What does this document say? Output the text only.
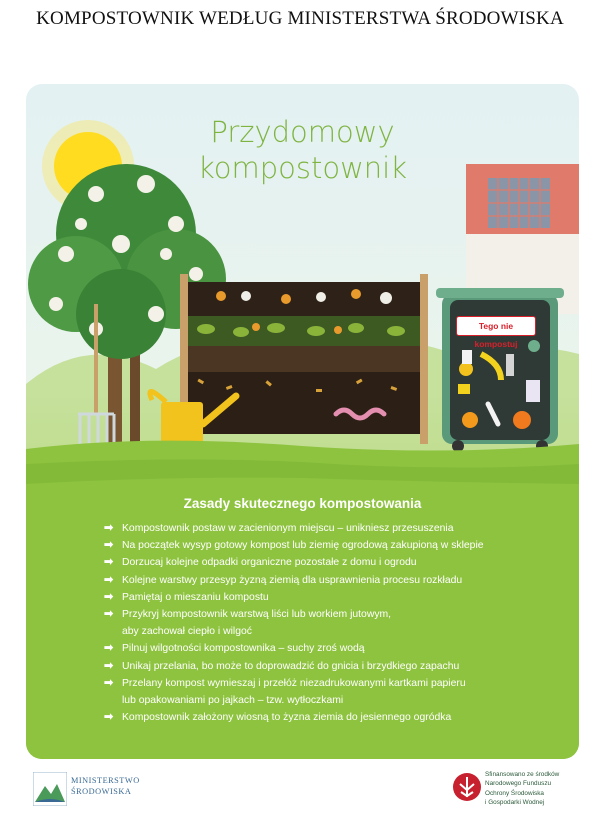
KOMPOSTOWNIK WEDŁUG MINISTERSTWA ŚRODOWISKA
Przydomowy
kompostownik
Tego nie kompostuj
Zasady skutecznego kompostowania
➡ Kompostownik postaw w zacienionym miejscu – unikniesz przesuszenia
➡ Na początek wysyp gotowy kompost lub ziemię ogrodową zakupioną w sklepie
➡ Dorzucaj kolejne odpadki organiczne pozostałe z domu i ogrodu
➡ Kolejne warstwy przesyp żyzną ziemią dla usprawnienia procesu rozkładu
➡ Pamiętaj o mieszaniu kompostu
➡ Przykryj kompostownik warstwą liści lub workiem jutowym,
aby zachował ciepło i wilgoć
➡ Pilnuj wilgotności kompostownika – suchy zroś wodą
➡ Unikaj przelania, bo może to doprowadzić do gnicia i brzydkiego zapachu
➡ Przelany kompost wymieszaj i przełóż niezadrukowanymi kartkami papieru
lub opakowaniami po jajkach – tzw. wytłoczkami
➡ Kompostownik założony wiosną to żyzna ziemia do jesiennego ogródka
MINISTERSTWO
ŚRODOWISKA
Sfinansowano ze środków
Narodowego Funduszu
Ochrony Środowiska
i Gospodarki Wodnej
